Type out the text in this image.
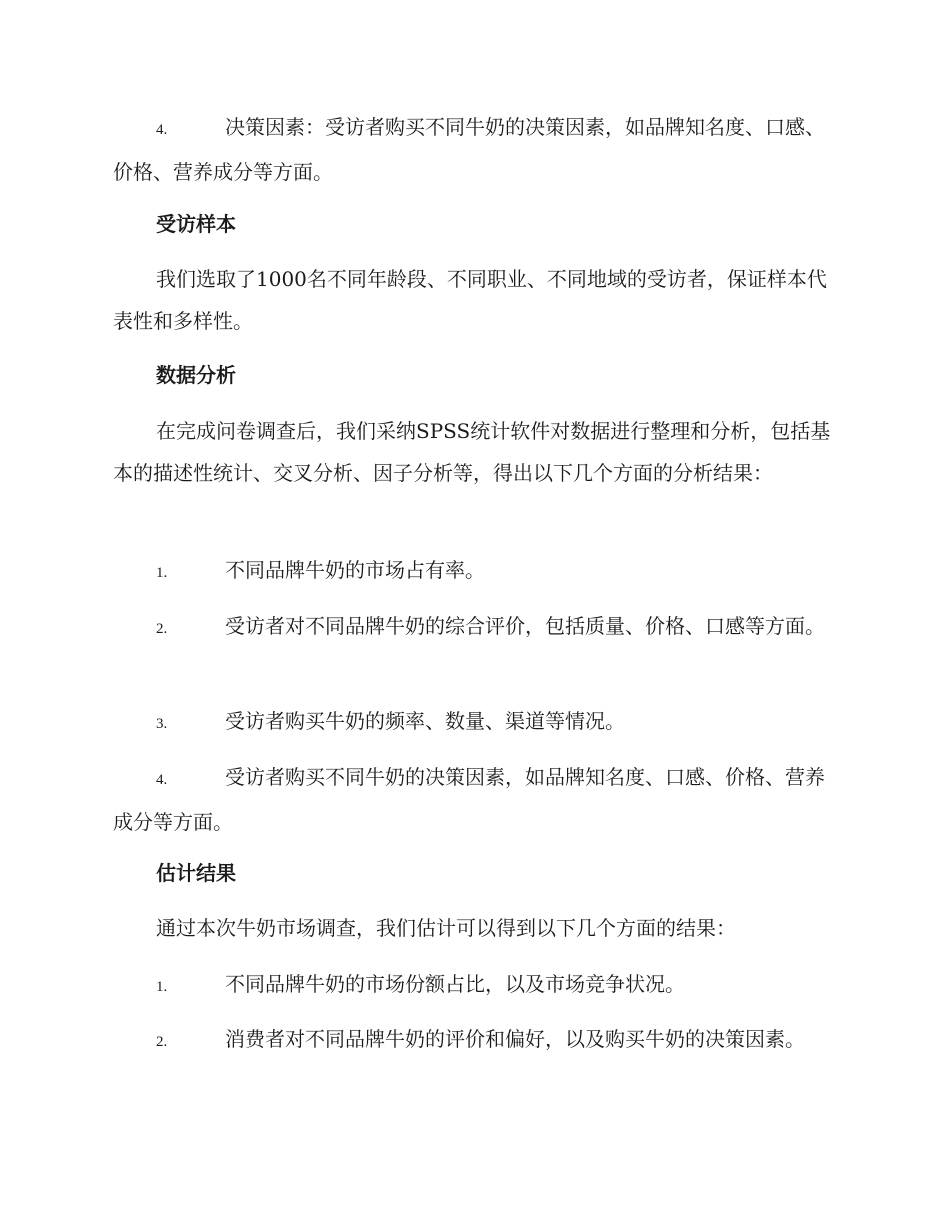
4.	决策因素：受访者购买不同牛奶的决策因素，如品牌知名度、口感、价格、营养成分等方面。

受访样本

我们选取了1000名不同年龄段、不同职业、不同地域的受访者，保证样本代表性和多样性。

数据分析

在完成问卷调查后，我们采纳SPSS统计软件对数据进行整理和分析，包括基本的描述性统计、交叉分析、因子分析等，得出以下几个方面的分析结果：

1.	不同品牌牛奶的市场占有率。

2.	受访者对不同品牌牛奶的综合评价，包括质量、价格、口感等方面。

3.	受访者购买牛奶的频率、数量、渠道等情况。

4.	受访者购买不同牛奶的决策因素，如品牌知名度、口感、价格、营养成分等方面。

估计结果

通过本次牛奶市场调查，我们估计可以得到以下几个方面的结果：

1.	不同品牌牛奶的市场份额占比，以及市场竞争状况。

2.	消费者对不同品牌牛奶的评价和偏好，以及购买牛奶的决策因素。
